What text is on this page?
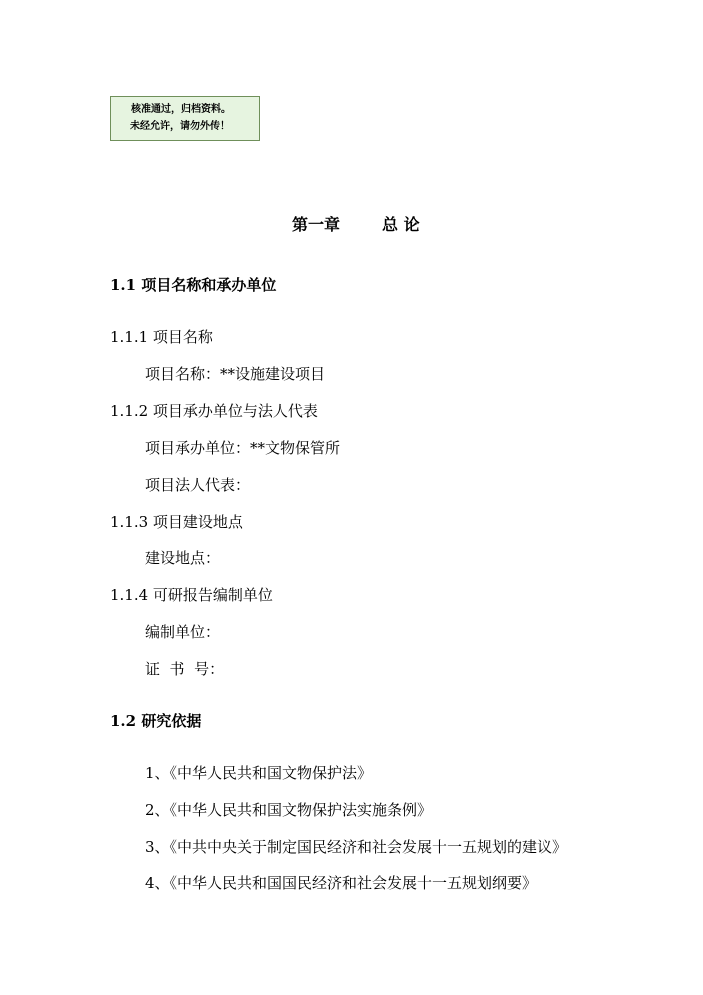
核准通过，归档资料。
未经允许，请勿外传！
第一章	总 论
1.1 项目名称和承办单位
1.1.1 项目名称
项目名称：**设施建设项目
1.1.2 项目承办单位与法人代表
项目承办单位：**文物保管所
项目法人代表：
1.1.3 项目建设地点
建设地点：
1.1.4 可研报告编制单位
编制单位：
证  书  号：
1.2 研究依据
1、《中华人民共和国文物保护法》
2、《中华人民共和国文物保护法实施条例》
3、《中共中央关于制定国民经济和社会发展十一五规划的建议》
4、《中华人民共和国国民经济和社会发展十一五规划纲要》
